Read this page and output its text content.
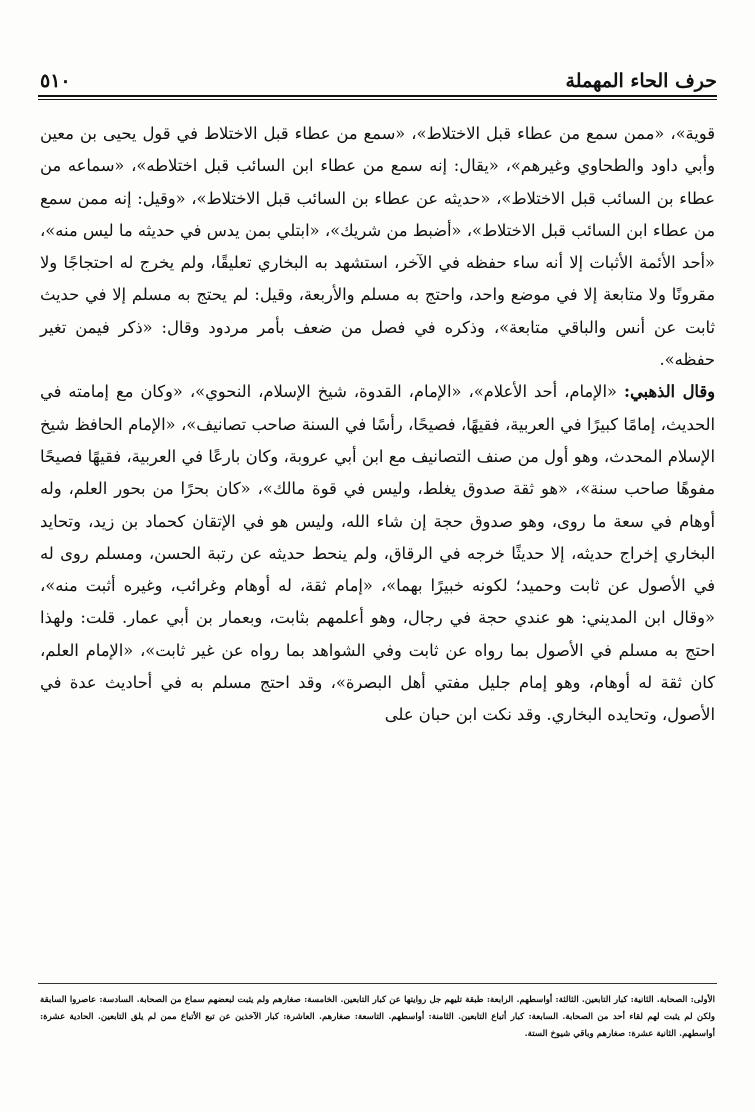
حرف الحاء المهملة
٥١٠

قوية»، «ممن سمع من عطاء قبل الاختلاط»، «سمع من عطاء قبل الاختلاط في قول يحيى بن معين وأبي داود والطحاوي وغيرهم»، «يقال: إنه سمع من عطاء ابن السائب قبل اختلاطه»، «سماعه من عطاء بن السائب قبل الاختلاط»، «حديثه عن عطاء بن السائب قبل الاختلاط»، «وقيل: إنه ممن سمع من عطاء ابن السائب قبل الاختلاط»، «أضبط من شريك»، «ابتلي بمن يدس في حديثه ما ليس منه»، «أحد الأئمة الأثبات إلا أنه ساء حفظه في الآخر، استشهد به البخاري تعليقًا، ولم يخرج له احتجاجًا ولا مقرونًا ولا متابعة إلا في موضع واحد، واحتج به مسلم والأربعة، وقيل: لم يحتج به مسلم إلا في حديث ثابت عن أنس والباقي متابعة»، وذكره في فصل من ضعف بأمر مردود وقال: «ذكر فيمن تغير حفظه».

وقال الذهبي: «الإمام، أحد الأعلام»، «الإمام، القدوة، شيخ الإسلام، النحوي»، «وكان مع إمامته في الحديث، إمامًا كبيرًا في العربية، فقيهًا، فصيحًا، رأسًا في السنة صاحب تصانيف»، «الإمام الحافظ شيخ الإسلام المحدث، وهو أول من صنف التصانيف مع ابن أبي عروبة، وكان بارعًا في العربية، فقيهًا فصيحًا مفوهًا صاحب سنة»، «هو ثقة صدوق يغلط، وليس في قوة مالك»، «كان بحرًا من بحور العلم، وله أوهام في سعة ما روى، وهو صدوق حجة إن شاء الله، وليس هو في الإتقان كحماد بن زيد، وتحايد البخاري إخراج حديثه، إلا حديثًا خرجه في الرقاق، ولم ينحط حديثه عن رتبة الحسن، ومسلم روى له في الأصول عن ثابت وحميد؛ لكونه خبيرًا بهما»، «إمام ثقة، له أوهام وغرائب، وغيره أثبت منه»، «وقال ابن المديني: هو عندي حجة في رجال، وهو أعلمهم بثابت، وبعمار بن أبي عمار. قلت: ولهذا احتج به مسلم في الأصول بما رواه عن ثابت وفي الشواهد بما رواه عن غير ثابت»، «الإمام العلم، كان ثقة له أوهام، وهو إمام جليل مفتي أهل البصرة»، وقد احتج مسلم به في أحاديث عدة في الأصول، وتحايده البخاري. وقد نكت ابن حبان على

الأولى: الصحابة. الثانية: كبار التابعين. الثالثة: أواسطهم. الرابعة: طبقة تليهم جل روايتها عن كبار التابعين. الخامسة: صغارهم ولم يثبت لبعضهم سماع من الصحابة. السادسة: عاصروا السابقة ولكن لم يثبت لهم لقاء أحد من الصحابة. السابعة: كبار أتباع التابعين. الثامنة: أواسطهم. التاسعة: صغارهم. العاشرة: كبار الآخذين عن تبع الأتباع ممن لم يلق التابعين. الحادية عشرة: أواسطهم. الثانية عشرة: صغارهم وباقي شيوخ الستة.
